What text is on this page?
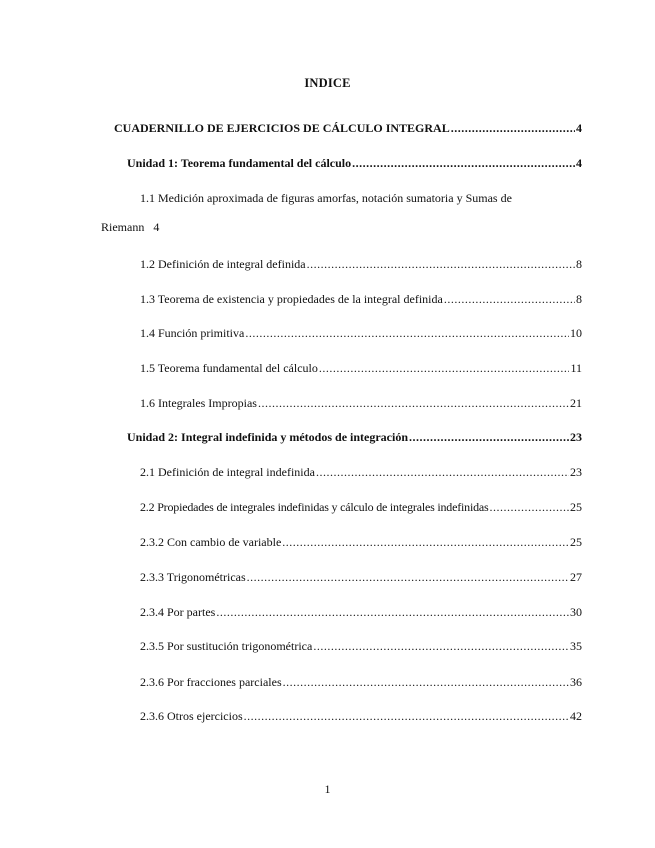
INDICE
CUADERNILLO DE EJERCICIOS DE CÁLCULO INTEGRAL .....	4
Unidad 1: Teorema fundamental del cálculo .....	4
1.1 Medición aproximada de figuras amorfas, notación sumatoria y Sumas de
Riemann 4
1.2 Definición de integral definida .....	8
1.3 Teorema de existencia y propiedades de la integral definida .....	8
1.4 Función primitiva .....	10
1.5 Teorema fundamental del cálculo .....	11
1.6 Integrales Impropias .....	21
Unidad 2: Integral indefinida y métodos de integración .....	23
2.1 Definición de integral indefinida .....	23
2.2 Propiedades de integrales indefinidas y cálculo de integrales indefinidas .....	25
2.3.2 Con cambio de variable .....	25
2.3.3 Trigonométricas .....	27
2.3.4 Por partes .....	30
2.3.5 Por sustitución trigonométrica .....	35
2.3.6 Por fracciones parciales .....	36
2.3.6 Otros ejercicios .....	42
1
